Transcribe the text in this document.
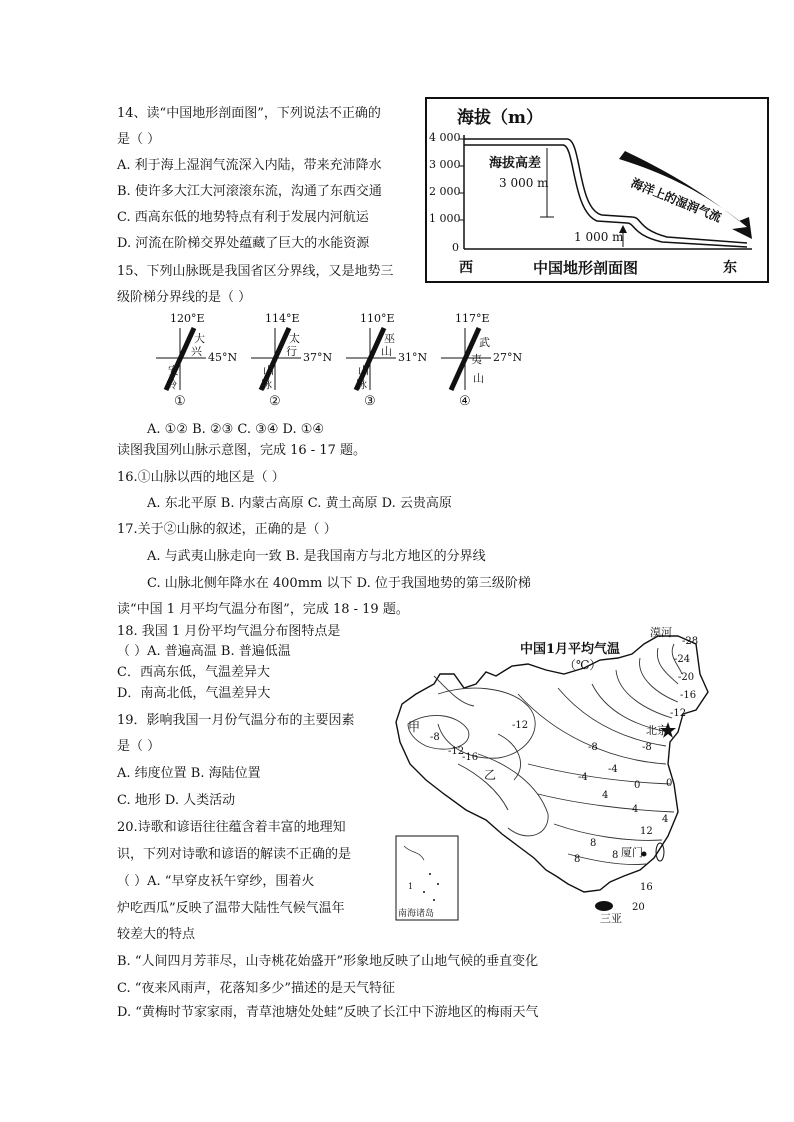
14、读“中国地形剖面图”，下列说法不正确的
是（ ）
A. 利于海上湿润气流深入内陆，带来充沛降水
B. 使许多大江大河滚滚东流，沟通了东西交通
C. 西高东低的地势特点有利于发展内河航运
D. 河流在阶梯交界处蕴藏了巨大的水能资源
海拔（m）
4 000
3 000
2 000
1 000
0
海拔高差
3 000 m
1 000 m
海洋上的湿润气流
西	中国地形剖面图	东
15、下列山脉既是我国省区分界线，又是地势三
级阶梯分界线的是（ ）
120°E
45°N
大
兴
安
岭
①
114°E
37°N
太
行
山
脉
②
110°E
31°N
巫
山
山
脉
③
117°E
27°N
武
夷
山
④
A. ①② B. ②③ C. ③④ D. ①④
读图我国列山脉示意图，完成 16 - 17 题。
16.①山脉以西的地区是（ ）
A. 东北平原 B. 内蒙古高原 C. 黄土高原 D. 云贵高原
17.关于②山脉的叙述，正确的是（ ）
A. 与武夷山脉走向一致 B. 是我国南方与北方地区的分界线
C. 山脉北侧年降水在 400mm 以下 D. 位于我国地势的第三级阶梯
读“中国 1 月平均气温分布图”，完成 18 - 19 题。
18. 我国 1 月份平均气温分布图特点是
（ ）A. 普遍高温 B. 普遍低温
C．西高东低，气温差异大
D．南高北低，气温差异大
19．影响我国一月份气温分布的主要因素
是（ ）
A. 纬度位置 B. 海陆位置
C. 地形 D. 人类活动
20.诗歌和谚语往往蕴含着丰富的地理知
识，下列对诗歌和谚语的解读不正确的是
（ ）A. “早穿皮袄午穿纱，围着火
炉吃西瓜”反映了温带大陆性气候气温年
较差大的特点
B. “人间四月芳菲尽，山寺桃花始盛开”形象地反映了山地气候的垂直变化
C. “夜来风雨声，花落知多少”描述的是天气特征
D. “黄梅时节家家雨，青草池塘处处蛙”反映了长江中下游地区的梅雨天气
中国1月平均气温
（℃）
漠河
北京
厦门
三亚
甲
乙
南海诸岛
1
-28
-24
-20
-16
-12
-8
-4
0
4
8
12
16
20
-12
-8
-16
-12
-4
4
8
-8
0
4
8
